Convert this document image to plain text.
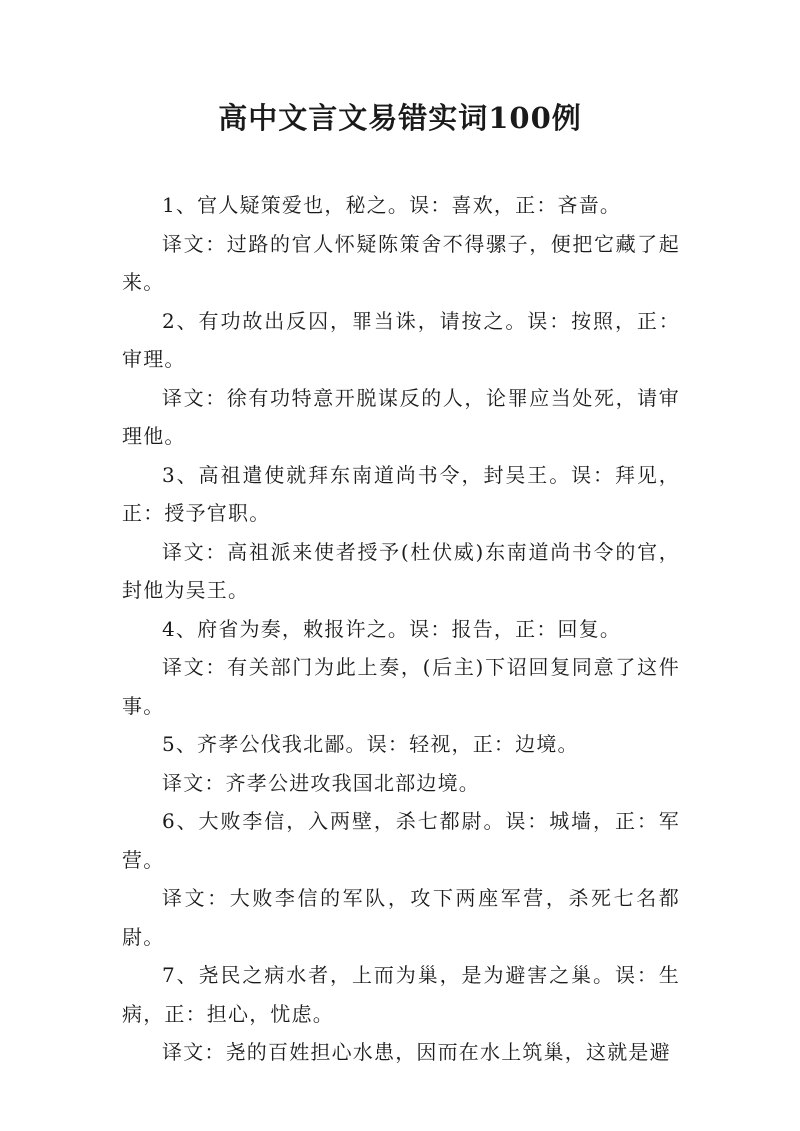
高中文言文易错实词100例

1、官人疑策爱也，秘之。误：喜欢，正：吝啬。

译文：过路的官人怀疑陈策舍不得骡子，便把它藏了起来。

2、有功故出反囚，罪当诛，请按之。误：按照，正：审理。

译文：徐有功特意开脱谋反的人，论罪应当处死，请审理他。

3、高祖遣使就拜东南道尚书令，封吴王。误：拜见，正：授予官职。

译文：高祖派来使者授予(杜伏威)东南道尚书令的官，封他为吴王。

4、府省为奏，敕报许之。误：报告，正：回复。

译文：有关部门为此上奏，(后主)下诏回复同意了这件事。

5、齐孝公伐我北鄙。误：轻视，正：边境。

译文：齐孝公进攻我国北部边境。

6、大败李信，入两壁，杀七都尉。误：城墙，正：军营。

译文：大败李信的军队，攻下两座军营，杀死七名都尉。

7、尧民之病水者，上而为巢，是为避害之巢。误：生病，正：担心，忧虑。

译文：尧的百姓担心水患，因而在水上筑巢，这就是避
